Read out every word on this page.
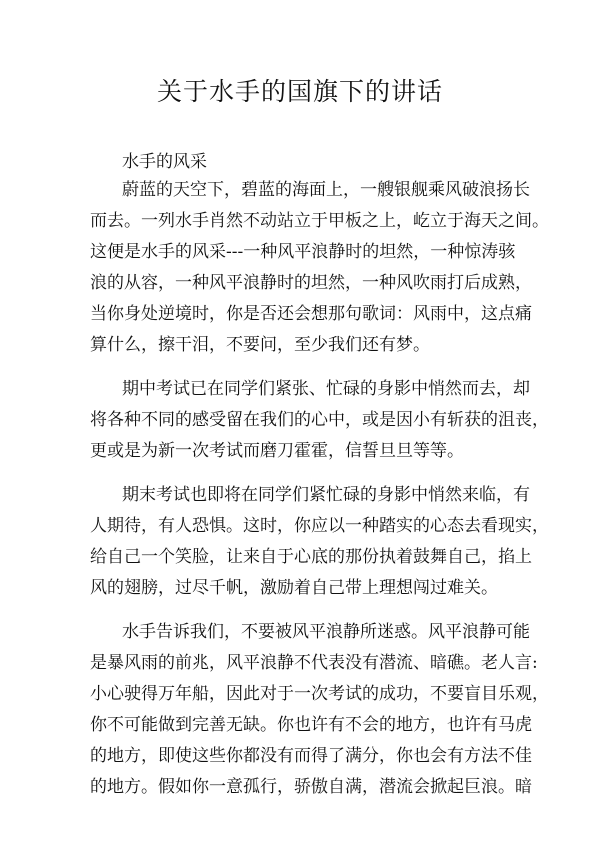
关于水手的国旗下的讲话
水手的风采
蔚蓝的天空下，碧蓝的海面上，一艘银舰乘风破浪扬长
而去。一列水手肖然不动站立于甲板之上，屹立于海天之间。
这便是水手的风采---一种风平浪静时的坦然，一种惊涛骇
浪的从容，一种风平浪静时的坦然，一种风吹雨打后成熟，
当你身处逆境时，你是否还会想那句歌词：风雨中，这点痛
算什么，擦干泪，不要问，至少我们还有梦。
期中考试已在同学们紧张、忙碌的身影中悄然而去，却
将各种不同的感受留在我们的心中，或是因小有斩获的沮丧，
更或是为新一次考试而磨刀霍霍，信誓旦旦等等。
期末考试也即将在同学们紧忙碌的身影中悄然来临，有
人期待，有人恐惧。这时，你应以一种踏实的心态去看现实，
给自己一个笑脸，让来自于心底的那份执着鼓舞自己，掐上
风的翅膀，过尽千帆，激励着自己带上理想闯过难关。
水手告诉我们，不要被风平浪静所迷惑。风平浪静可能
是暴风雨的前兆，风平浪静不代表没有潜流、暗礁。老人言:
小心驶得万年船，因此对于一次考试的成功，不要盲目乐观，
你不可能做到完善无缺。你也许有不会的地方，也许有马虎
的地方，即使这些你都没有而得了满分，你也会有方法不佳
的地方。假如你一意孤行，骄傲自满，潜流会掀起巨浪。暗
